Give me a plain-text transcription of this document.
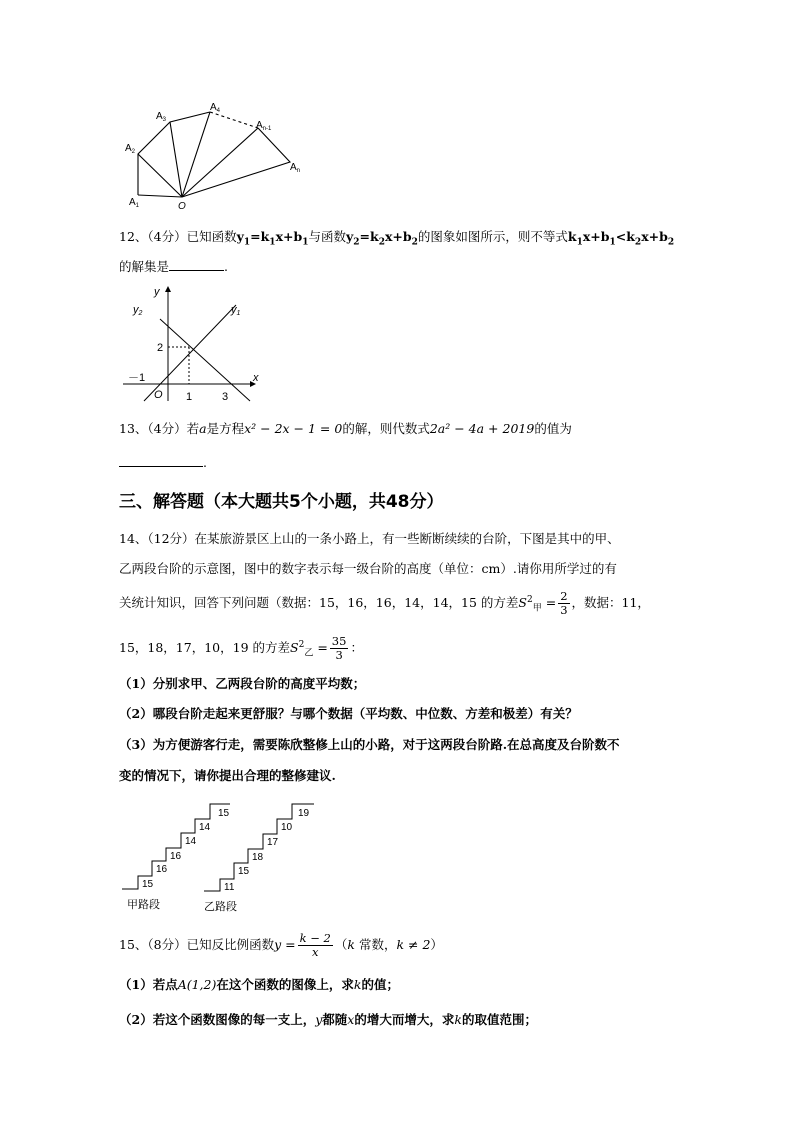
$A_1$
$A_2$
$A_3$
$A_4$
$A_{n-1}$
$A_n$
O
12、（4分）已知函数$y_1=k_1x+b_1$与函数$y_2=k_2x+b_2$的图象如图所示，则不等式$k_1x+b_1<k_2x+b_2$
的解集是	.
y
x
y2	y1
2
－1
O 1	3
13、（4分）若a是方程x² − 2x − 1 = 0的解，则代数式2a² − 4a + 2019的值为
.
三、解答题（本大题共5个小题，共48分）
14、（12分）在某旅游景区上山的一条小路上，有一些断断续续的台阶，下图是其中的甲、
乙两段台阶的示意图，图中的数字表示每一级台阶的高度（单位：cm）.请你用所学过的有
关统计知识，回答下列问题（数据：15，16，16，14，14，15 的方差$S^2_甲 = \frac{2}{3}$ ，数据：11，
15，18，17，10，19 的方差$S^2_乙 = \frac{35}{3}$ ：
（1）分别求甲、乙两段台阶的高度平均数；
（2）哪段台阶走起来更舒服？与哪个数据（平均数、中位数、方差和极差）有关？
（3）为方便游客行走，需要陈欣整修上山的小路，对于这两段台阶路.在总高度及台阶数不
变的情况下，请你提出合理的整修建议.
15
16
16
14
14
15
11
15
18
17
10
19
甲路段	乙路段
15、（8分）已知反比例函数$y = \frac{k - 2}{x} (k$ 常数，k ≠ 2）
（1）若点A(1,2)在这个函数的图像上，求k的值；
（2）若这个函数图像的每一支上，y都随x的增大而增大，求k的取值范围；
